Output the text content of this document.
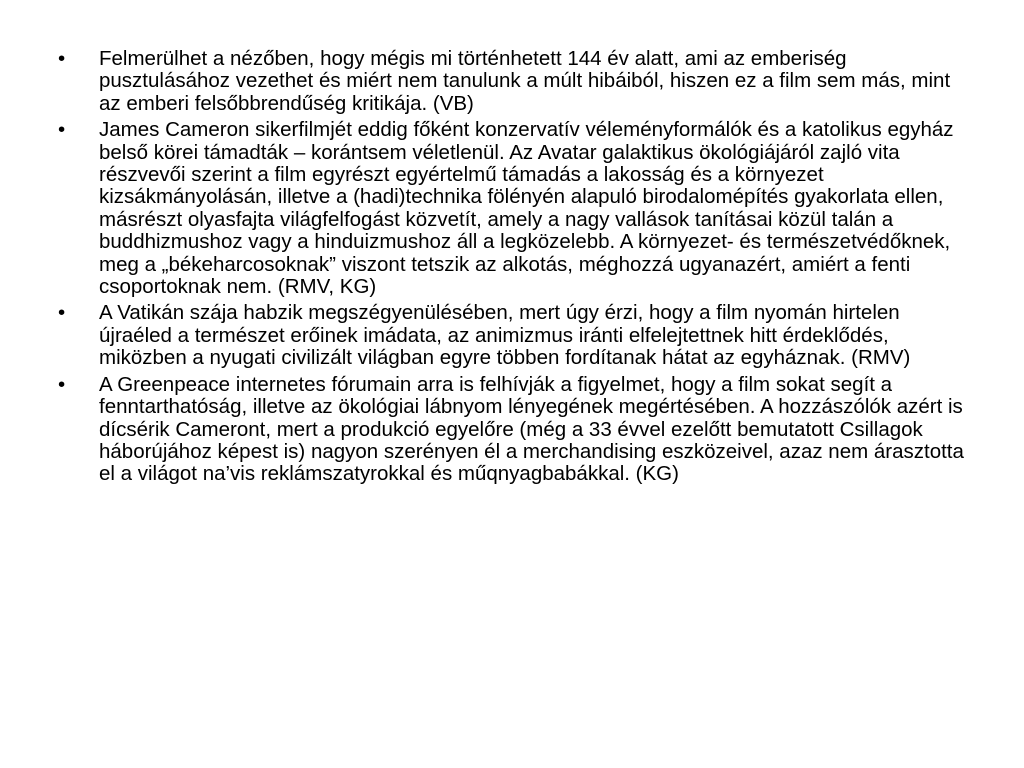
•	Felmerülhet a nézőben, hogy mégis mi történhetett 144 év alatt, ami az emberiség pusztulásához vezethet és miért nem tanulunk a múlt hibáiból, hiszen ez a film sem más, mint az emberi felsőbbrendűség kritikája. (VB)
•	James Cameron sikerfilmjét eddig főként konzervatív véleményformálók és a katolikus egyház belső körei támadták – korántsem véletlenül. Az Avatar galaktikus ökológiájáról zajló vita részvevői szerint a film egyrészt egyértelmű támadás a lakosság és a környezet kizsákmányolásán, illetve a (hadi)technika fölényén alapuló birodalomépítés gyakorlata ellen, másrészt olyasfajta világfelfogást közvetít, amely a nagy vallások tanításai közül talán a buddhizmushoz vagy a hinduizmushoz áll a legközelebb. A környezet- és természetvédőknek, meg a „békeharcosoknak” viszont tetszik az alkotás, méghozzá ugyanazért, amiért a fenti csoportoknak nem. (RMV, KG)
•	A Vatikán szája habzik megszégyenülésében, mert úgy érzi, hogy a film nyomán hirtelen újraéled a természet erőinek imádata, az animizmus iránti elfelejtettnek hitt érdeklődés, miközben a nyugati civilizált világban egyre többen fordítanak hátat az egyháznak. (RMV)
•	A Greenpeace internetes fórumain arra is felhívják a figyelmet, hogy a film sokat segít a fenntarthatóság, illetve az ökológiai lábnyom lényegének megértésében. A hozzászólók azért is dícsérik Cameront, mert a produkció egyelőre (még a 33 évvel ezelőtt bemutatott Csillagok háborújához képest is) nagyon szerényen él a merchandising eszközeivel, azaz nem árasztotta el a világot na’vis reklámszatyrokkal és műqnyagbabákkal. (KG)
